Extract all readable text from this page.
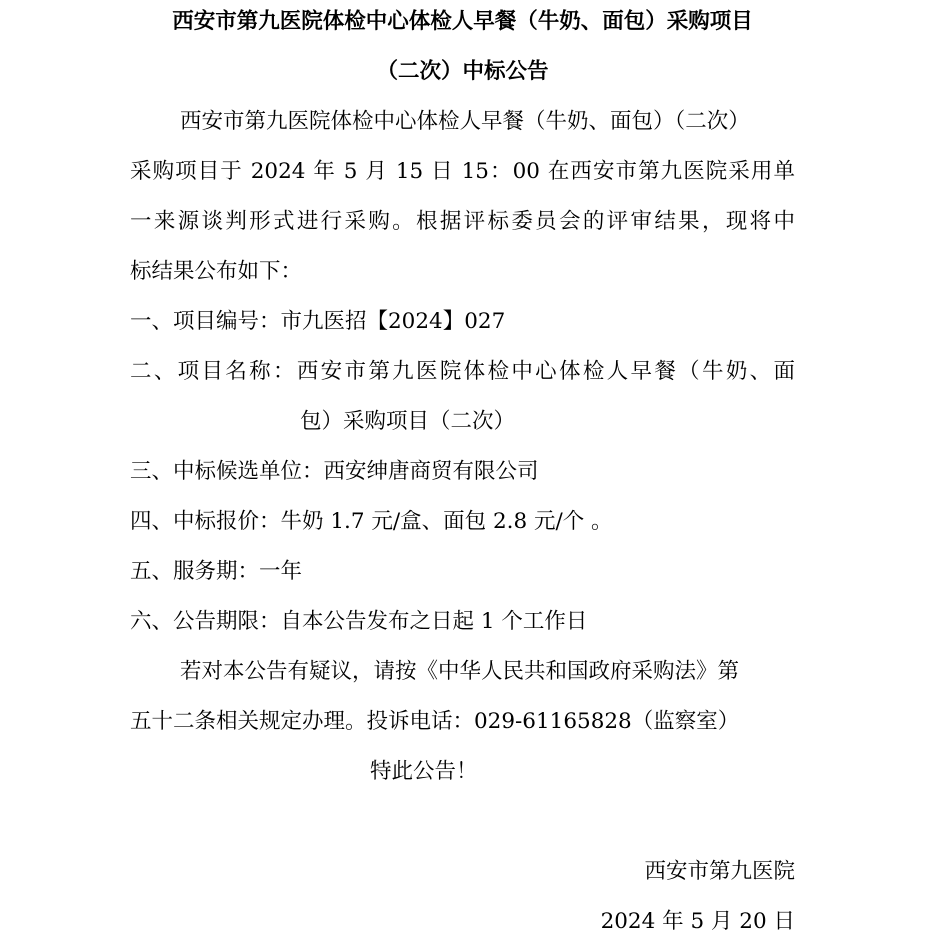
西安市第九医院体检中心体检人早餐（牛奶、面包）采购项目
（二次）中标公告
西安市第九医院体检中心体检人早餐（牛奶、面包）（二次）
采购项目于 2024 年 5 月 15 日 15：00 在西安市第九医院采用单
一来源谈判形式进行采购。根据评标委员会的评审结果，现将中
标结果公布如下：
一、项目编号：市九医招【2024】027
二、项目名称：西安市第九医院体检中心体检人早餐（牛奶、面
包）采购项目（二次）
三、中标候选单位：西安绅唐商贸有限公司
四、中标报价：牛奶 1.7 元/盒、面包 2.8 元/个 。
五、服务期：一年
六、公告期限：自本公告发布之日起 1 个工作日
若对本公告有疑议，请按《中华人民共和国政府采购法》第
五十二条相关规定办理。投诉电话：029-61165828（监察室）
特此公告！
西安市第九医院
2024 年 5 月 20 日
